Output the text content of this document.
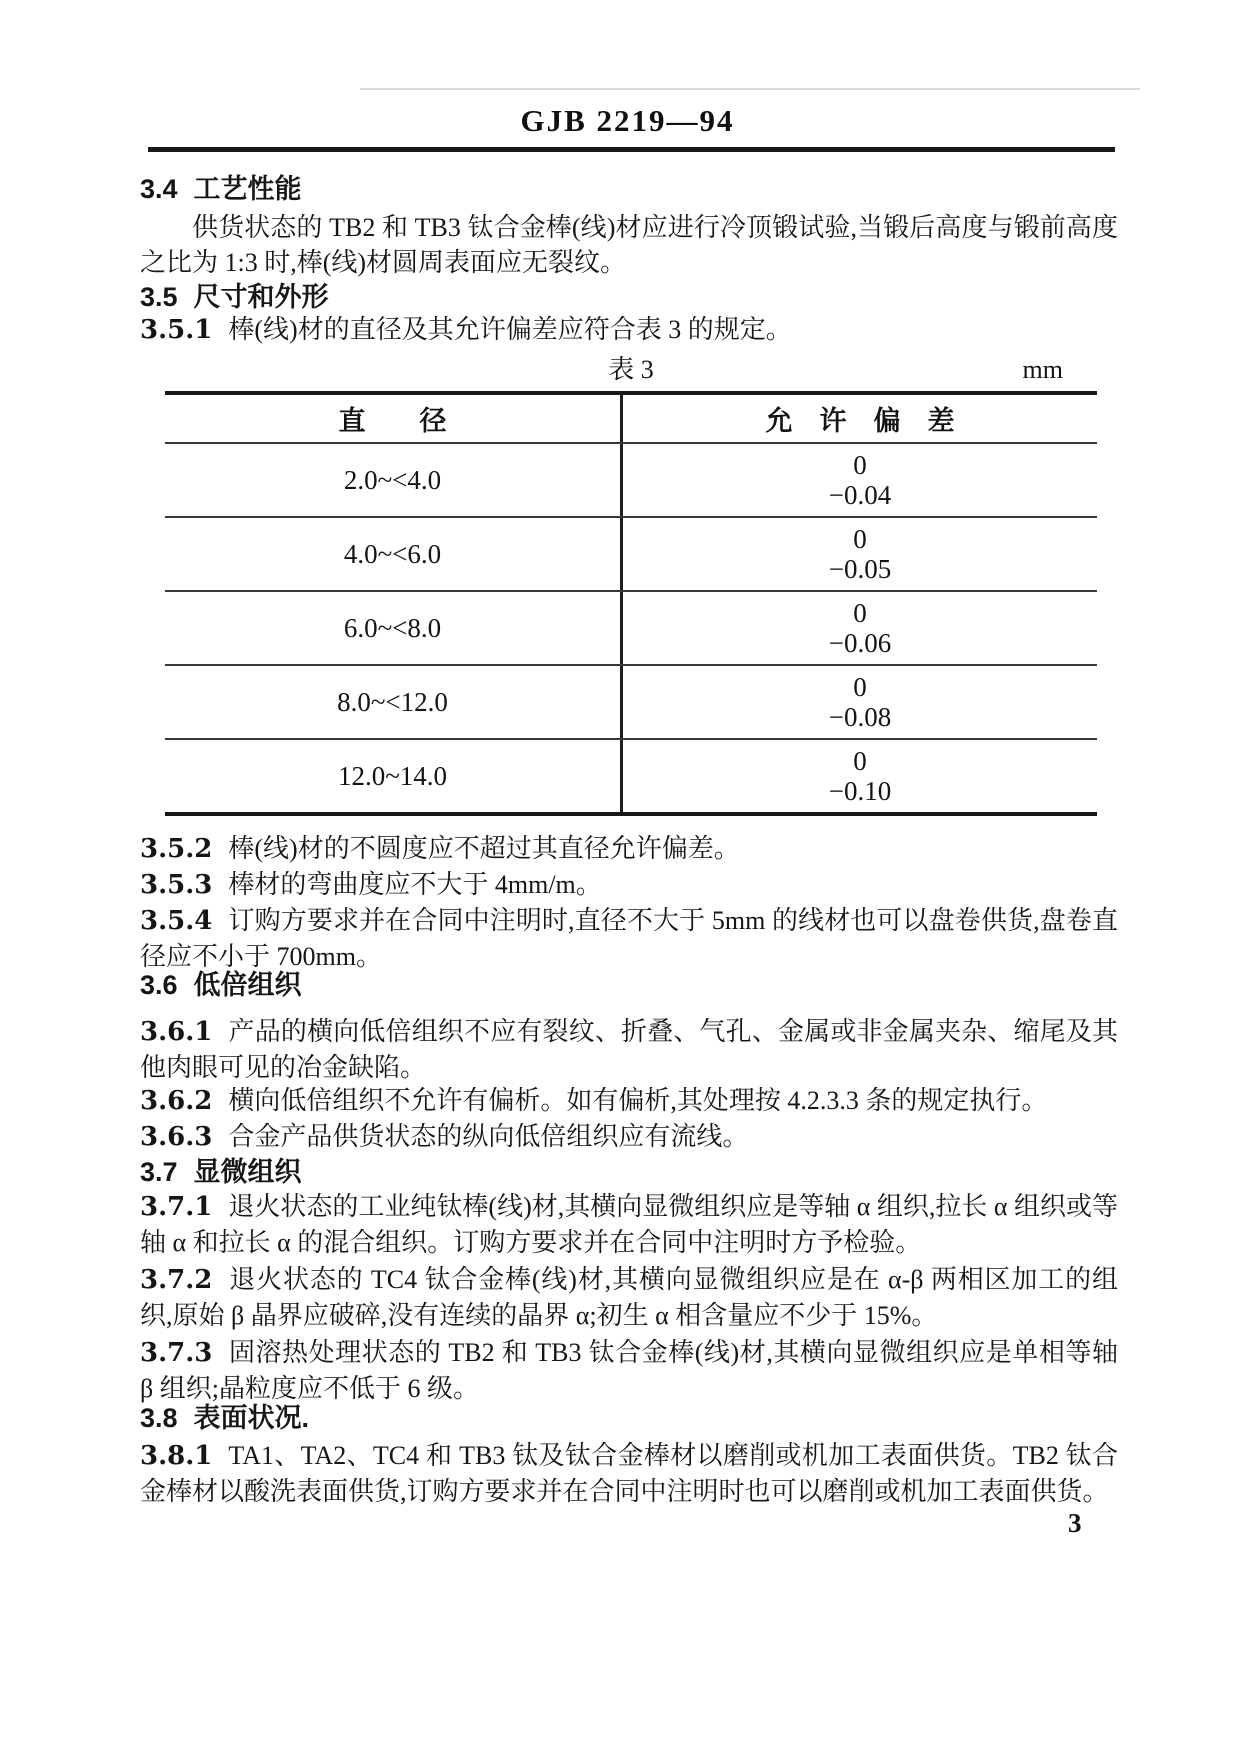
GJB 2219—94
3.4 工艺性能
供货状态的 TB2 和 TB3 钛合金棒(线)材应进行冷顶锻试验,当锻后高度与锻前高度之比为 1:3 时,棒(线)材圆周表面应无裂纹。
3.5 尺寸和外形
3.5.1 棒(线)材的直径及其允许偏差应符合表 3 的规定。
表 3	mm
直　　径	允　许　偏　差
2.0~<4.0	0
−0.04
4.0~<6.0	0
−0.05
6.0~<8.0	0
−0.06
8.0~<12.0	0
−0.08
12.0~14.0	0
−0.10
3.5.2 棒(线)材的不圆度应不超过其直径允许偏差。
3.5.3 棒材的弯曲度应不大于 4mm/m。
3.5.4 订购方要求并在合同中注明时,直径不大于 5mm 的线材也可以盘卷供货,盘卷直径应不小于 700mm。
3.6 低倍组织
3.6.1 产品的横向低倍组织不应有裂纹、折叠、气孔、金属或非金属夹杂、缩尾及其他肉眼可见的冶金缺陷。
3.6.2 横向低倍组织不允许有偏析。如有偏析,其处理按 4.2.3.3 条的规定执行。
3.6.3 合金产品供货状态的纵向低倍组织应有流线。
3.7 显微组织
3.7.1 退火状态的工业纯钛棒(线)材,其横向显微组织应是等轴 α 组织,拉长 α 组织或等轴 α 和拉长 α 的混合组织。订购方要求并在合同中注明时方予检验。
3.7.2 退火状态的 TC4 钛合金棒(线)材,其横向显微组织应是在 α-β 两相区加工的组织,原始 β 晶界应破碎,没有连续的晶界 α;初生 α 相含量应不少于 15%。
3.7.3 固溶热处理状态的 TB2 和 TB3 钛合金棒(线)材,其横向显微组织应是单相等轴 β 组织;晶粒度应不低于 6 级。
3.8 表面状况.
3.8.1 TA1、TA2、TC4 和 TB3 钛及钛合金棒材以磨削或机加工表面供货。TB2 钛合金棒材以酸洗表面供货,订购方要求并在合同中注明时也可以磨削或机加工表面供货。
3
